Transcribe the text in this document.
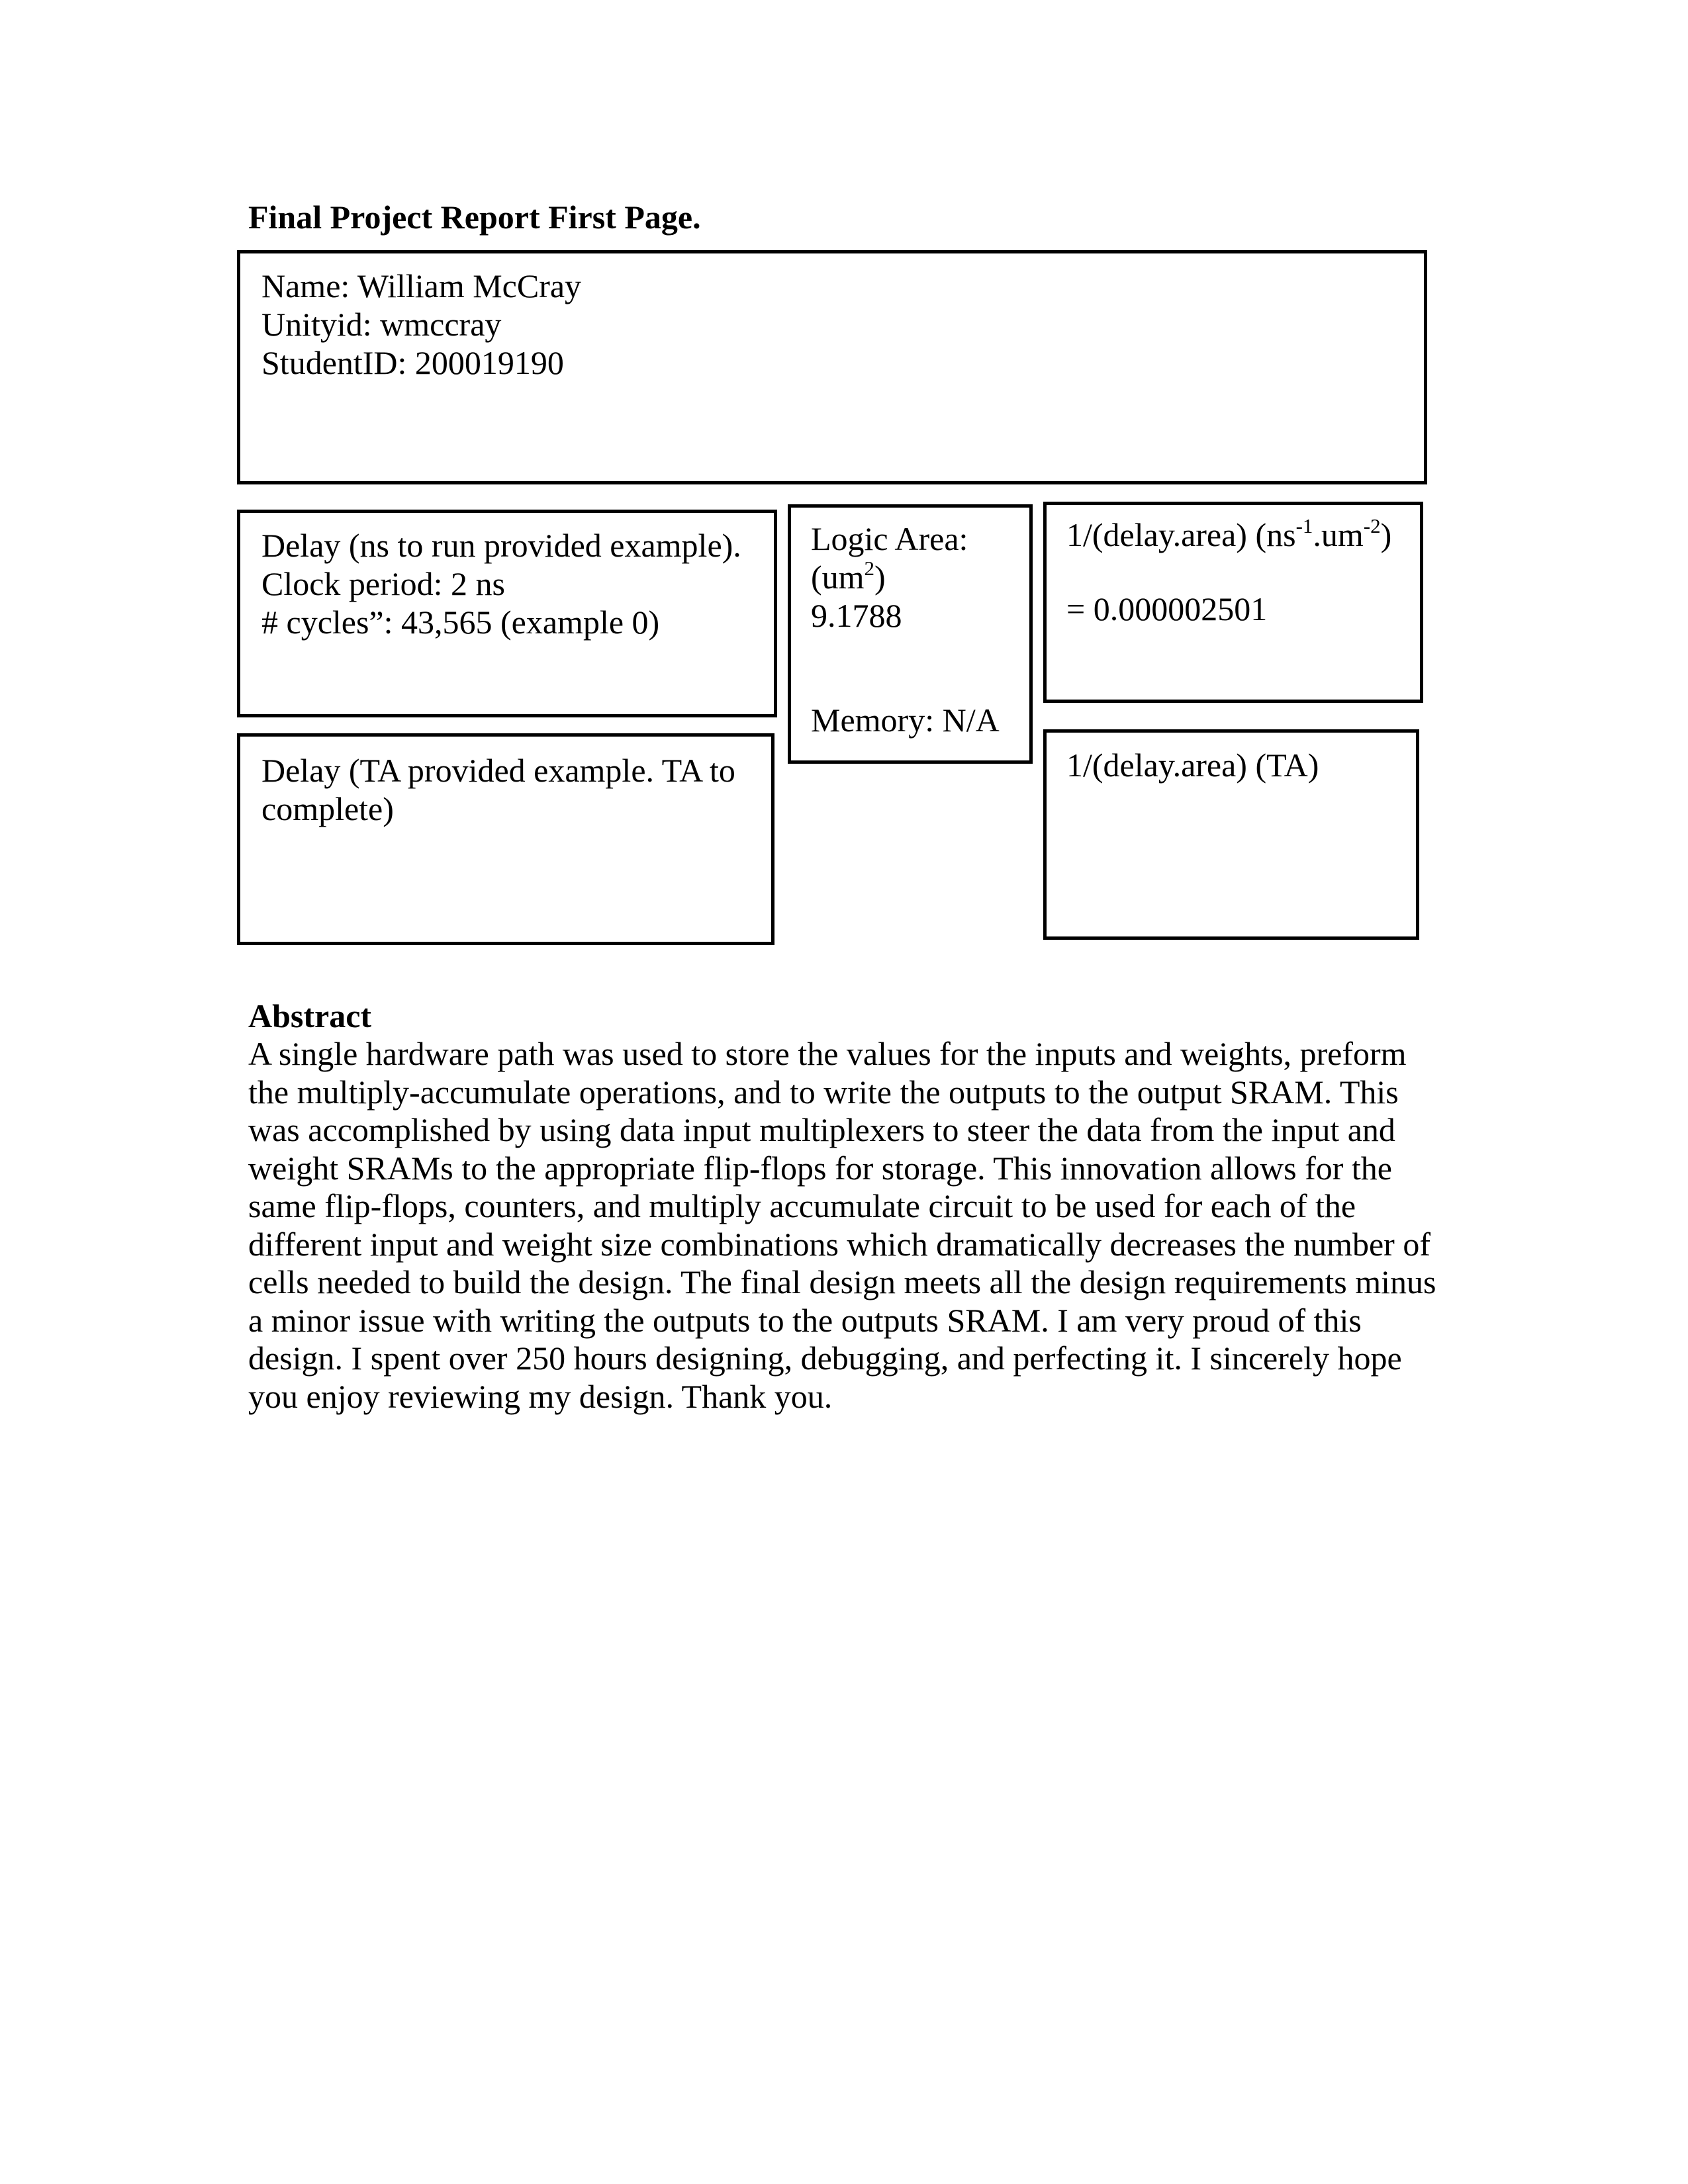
Final Project Report First Page.
Name: William McCray
Unityid: wmccray
StudentID: 200019190
Delay (ns to run provided example).
Clock period: 2 ns
# cycles”: 43,565 (example 0)
Delay (TA provided example. TA to
complete)
Logic Area:
$(um^2)$
9.1788
Memory: N/A
1/(delay.area) $(ns^{-1}.um^{-2})$
= 0.000002501
1/(delay.area) (TA)
Abstract
A single hardware path was used to store the values for the inputs and weights, preform
the multiply-accumulate operations, and to write the outputs to the output SRAM. This
was accomplished by using data input multiplexers to steer the data from the input and
weight SRAMs to the appropriate flip-flops for storage. This innovation allows for the
same flip-flops, counters, and multiply accumulate circuit to be used for each of the
different input and weight size combinations which dramatically decreases the number of
cells needed to build the design. The final design meets all the design requirements minus
a minor issue with writing the outputs to the outputs SRAM. I am very proud of this
design. I spent over 250 hours designing, debugging, and perfecting it. I sincerely hope
you enjoy reviewing my design. Thank you.
